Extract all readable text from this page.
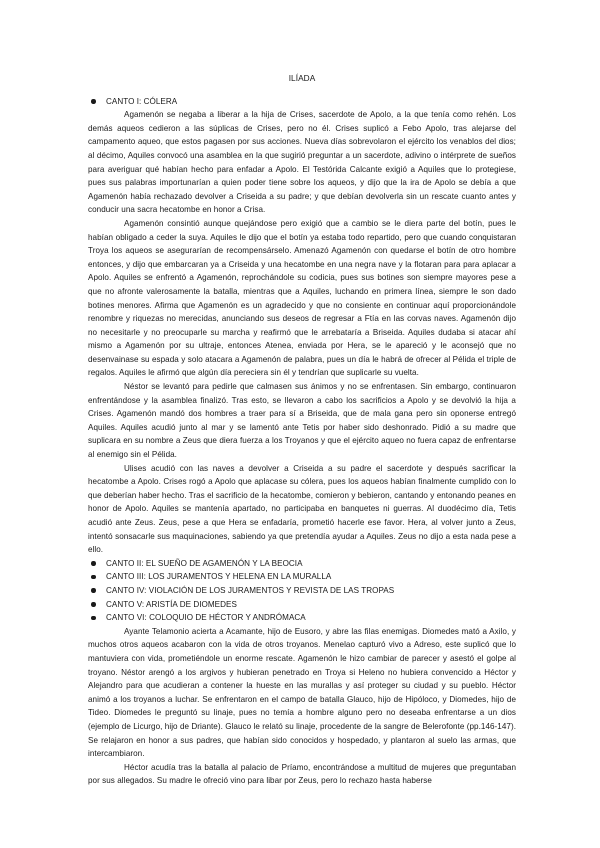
ILÍADA
CANTO I: CÓLERA

Agamenón se negaba a liberar a la hija de Crises, sacerdote de Apolo, a la que tenía como rehén. Los demás aqueos cedieron a las súplicas de Crises, pero no él. Crises suplicó a Febo Apolo, tras alejarse del campamento aqueo, que estos pagasen por sus acciones. Nueva días sobrevolaron el ejército los venablos del dios; al décimo, Aquiles convocó una asamblea en la que sugirió preguntar a un sacerdote, adivino o intérprete de sueños para averiguar qué habían hecho para enfadar a Apolo. El Testórida Calcante exigió a Aquiles que lo protegiese, pues sus palabras importunarían a quien poder tiene sobre los aqueos, y dijo que la ira de Apolo se debía a que Agamenón había rechazado devolver a Criseida a su padre; y que debían devolverla sin un rescate cuanto antes y conducir una sacra hecatombe en honor a Crisa.

Agamenón consintió aunque quejándose pero exigió que a cambio se le diera parte del botín, pues le habían obligado a ceder la suya. Aquiles le dijo que el botín ya estaba todo repartido, pero que cuando conquistaran Troya los aqueos se asegurarían de recompensárselo. Amenazó Agamenón con quedarse el botín de otro hombre entonces, y dijo que embarcaran ya a Criseida y una hecatombe en una negra nave y la flotaran para para aplacar a Apolo. Aquiles se enfrentó a Agamenón, reprochándole su codicia, pues sus botines son siempre mayores pese a que no afronte valerosamente la batalla, mientras que a Aquiles, luchando en primera línea, siempre le son dado botines menores. Afirma que Agamenón es un agradecido y que no consiente en continuar aquí proporcionándole renombre y riquezas no merecidas, anunciando sus deseos de regresar a Ftía en las corvas naves. Agamenón dijo no necesitarle y no preocuparle su marcha y reafirmó que le arrebataría a Briseida. Aquiles dudaba si atacar ahí mismo a Agamenón por su ultraje, entonces Atenea, enviada por Hera, se le apareció y le aconsejó que no desenvainase su espada y solo atacara a Agamenón de palabra, pues un día le habrá de ofrecer al Pélida el triple de regalos. Aquiles le afirmó que algún día pereciera sin él y tendrían que suplicarle su vuelta.

Néstor se levantó para pedirle que calmasen sus ánimos y no se enfrentasen. Sin embargo, continuaron enfrentándose y la asamblea finalizó. Tras esto, se llevaron a cabo los sacrificios a Apolo y se devolvió la hija a Crises. Agamenón mandó dos hombres a traer para sí a Briseida, que de mala gana pero sin oponerse entregó Aquiles. Aquiles acudió junto al mar y se lamentó ante Tetis por haber sido deshonrado. Pidió a su madre que suplicara en su nombre a Zeus que diera fuerza a los Troyanos y que el ejército aqueo no fuera capaz de enfrentarse al enemigo sin el Pélida.

Ulises acudió con las naves a devolver a Criseida a su padre el sacerdote y después sacrificar la hecatombe a Apolo. Crises rogó a Apolo que aplacase su cólera, pues los aqueos habían finalmente cumplido con lo que deberían haber hecho. Tras el sacrificio de la hecatombe, comieron y bebieron, cantando y entonando peanes en honor de Apolo. Aquiles se mantenía apartado, no participaba en banquetes ni guerras. Al duodécimo día, Tetis acudió ante Zeus. Zeus, pese a que Hera se enfadaría, prometió hacerle ese favor. Hera, al volver junto a Zeus, intentó sonsacarle sus maquinaciones, sabiendo ya que pretendía ayudar a Aquiles. Zeus no dijo a esta nada pese a ello.

CANTO II: EL SUEÑO DE AGAMENÓN Y LA BEOCIA
CANTO III: LOS JURAMENTOS Y HELENA EN LA MURALLA
CANTO IV: VIOLACIÓN DE LOS JURAMENTOS Y REVISTA DE LAS TROPAS
CANTO V: ARISTÍA DE DIOMEDES
CANTO VI: COLOQUIO DE HÉCTOR Y ANDRÓMACA

Ayante Telamonio acierta a Acamante, hijo de Eusoro, y abre las filas enemigas. Diomedes mató a Axilo, y muchos otros aqueos acabaron con la vida de otros troyanos. Menelao capturó vivo a Adreso, este suplicó que lo mantuviera con vida, prometiéndole un enorme rescate. Agamenón le hizo cambiar de parecer y asestó el golpe al troyano. Néstor arengó a los argivos y hubieran penetrado en Troya si Heleno no hubiera convencido a Héctor y Alejandro para que acudieran a contener la hueste en las murallas y así proteger su ciudad y su pueblo. Héctor animó a los troyanos a luchar. Se enfrentaron en el campo de batalla Glauco, hijo de Hipóloco, y Diomedes, hijo de Tideo. Diomedes le preguntó su linaje, pues no temía a hombre alguno pero no deseaba enfrentarse a un dios (ejemplo de Licurgo, hijo de Driante). Glauco le relató su linaje, procedente de la sangre de Belerofonte (pp.146-147). Se relajaron en honor a sus padres, que habían sido conocidos y hospedado, y plantaron al suelo las armas, que intercambiaron.

Héctor acudía tras la batalla al palacio de Príamo, encontrándose a multitud de mujeres que preguntaban por sus allegados. Su madre le ofreció vino para libar por Zeus, pero lo rechazo hasta haberse
